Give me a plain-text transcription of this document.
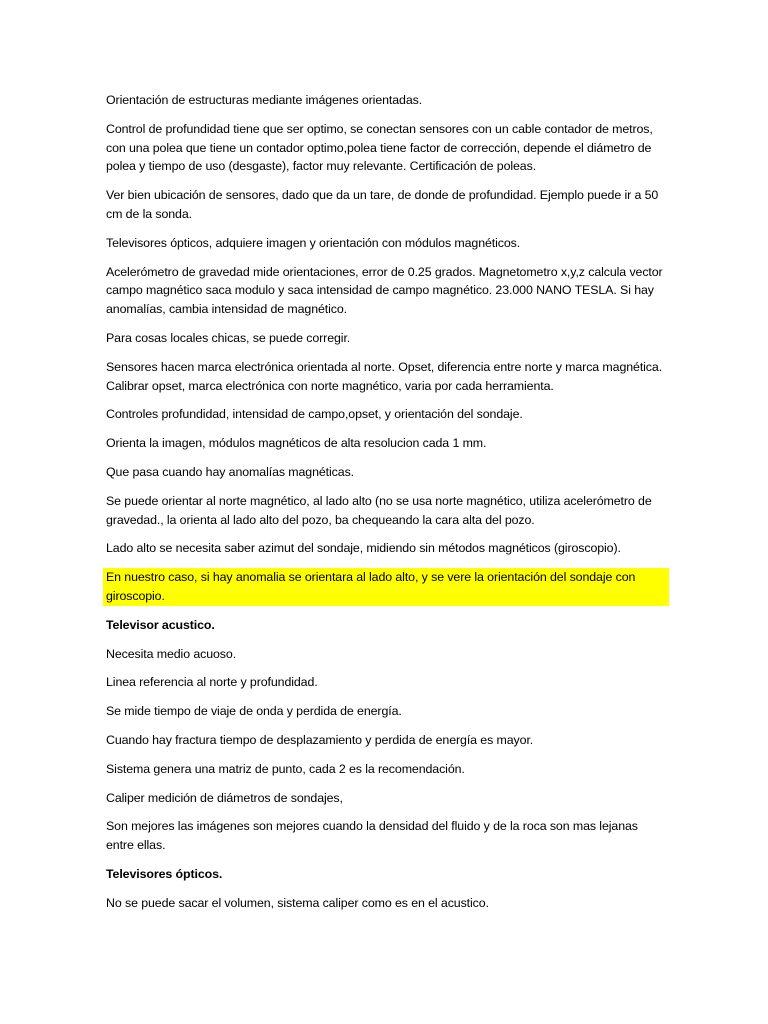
Orientación de estructuras mediante imágenes orientadas.

Control de profundidad tiene que ser optimo, se conectan sensores con un cable contador de metros, con una polea que tiene un contador optimo,polea tiene factor de corrección, depende el diámetro de polea y tiempo de uso (desgaste), factor muy relevante. Certificación de poleas.

Ver bien ubicación de sensores, dado que da un tare, de donde de profundidad. Ejemplo puede ir a 50 cm de la sonda.

Televisores ópticos, adquiere imagen y orientación con módulos magnéticos.

Acelerómetro de gravedad mide orientaciones, error de 0.25 grados. Magnetometro x,y,z calcula vector campo magnético saca modulo y saca intensidad de campo magnético. 23.000 NANO TESLA. Si hay anomalías, cambia intensidad de magnético.

Para cosas locales chicas, se puede corregir.

Sensores hacen marca electrónica orientada al norte. Opset, diferencia entre norte y marca magnética. Calibrar opset, marca electrónica con norte magnético, varia por cada herramienta.

Controles profundidad, intensidad de campo,opset, y orientación del sondaje.

Orienta la imagen, módulos magnéticos de alta resolucion cada 1 mm.

Que pasa cuando hay anomalías magnéticas.

Se puede orientar al norte magnético, al lado alto (no se usa norte magnético, utiliza acelerómetro de gravedad., la orienta al lado alto del pozo, ba chequeando la cara alta del pozo.

Lado alto se necesita saber azimut del sondaje, midiendo sin métodos magnéticos (giroscopio).

En nuestro caso, si hay anomalia se orientara al lado alto, y se vere la orientación del sondaje con giroscopio.

Televisor acustico.

Necesita medio acuoso.

Linea referencia al norte y profundidad.

Se mide tiempo de viaje de onda y perdida de energía.

Cuando hay fractura tiempo de desplazamiento y perdida de energía es mayor.

Sistema genera una matriz de punto, cada 2 es la recomendación.

Caliper medición de diámetros de sondajes,

Son mejores las imágenes son mejores cuando la densidad del fluido y de la roca son mas lejanas entre ellas.

Televisores ópticos.

No se puede sacar el volumen, sistema caliper como es en el acustico.
